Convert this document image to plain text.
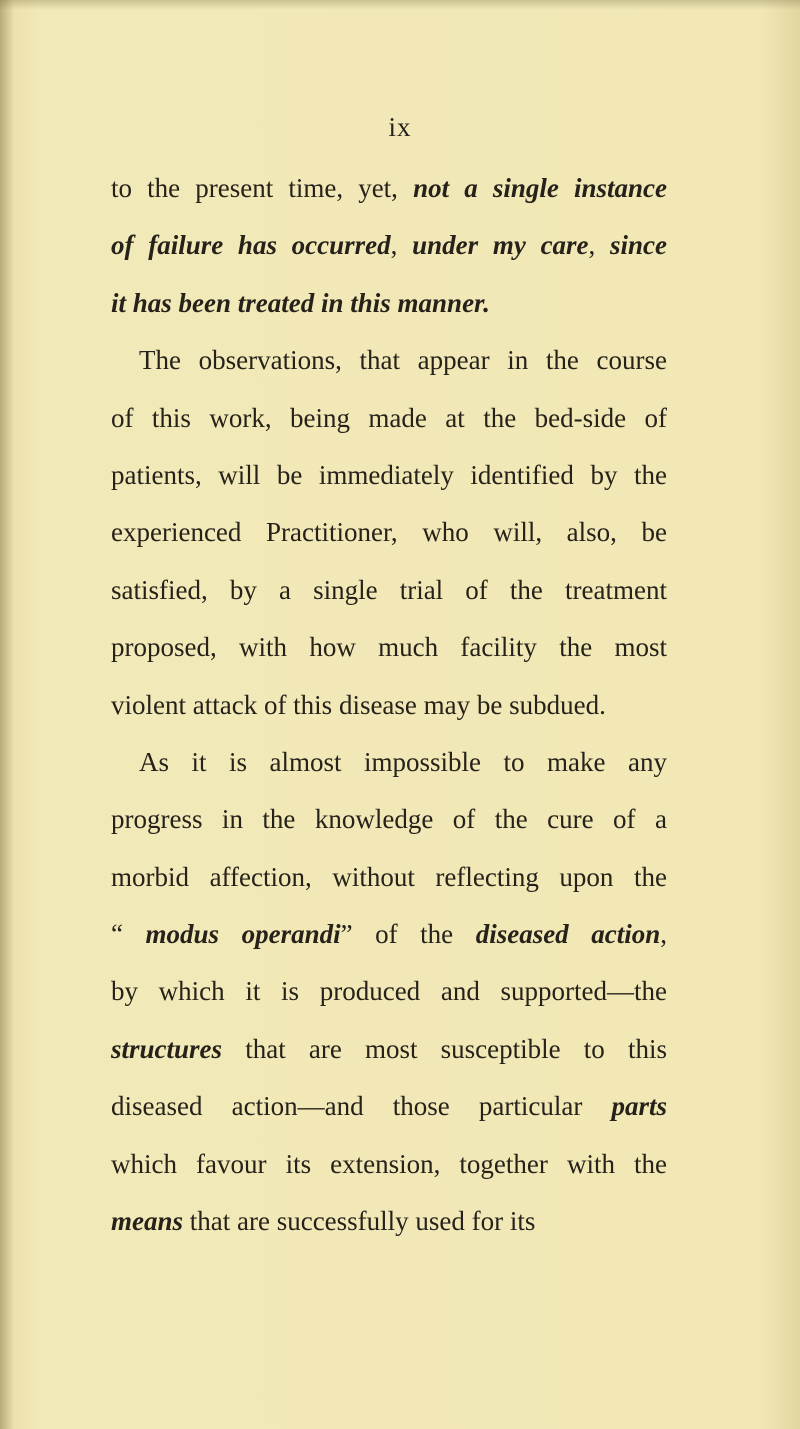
ix
to the present time, yet, not a single instance
of failure has occurred, under my care, since
it has been treated in this manner.
The observations, that appear in the course
of this work, being made at the bed-side of
patients, will be immediately identified by the
experienced Practitioner, who will, also, be
satisfied, by a single trial of the treatment
proposed, with how much facility the most
violent attack of this disease may be subdued.
As it is almost impossible to make any
progress in the knowledge of the cure of a
morbid affection, without reflecting upon the
“ modus operandi” of the diseased action,
by which it is produced and supported—the
structures that are most susceptible to this
diseased action—and those particular parts
which favour its extension, together with the
means that are successfully used for its
